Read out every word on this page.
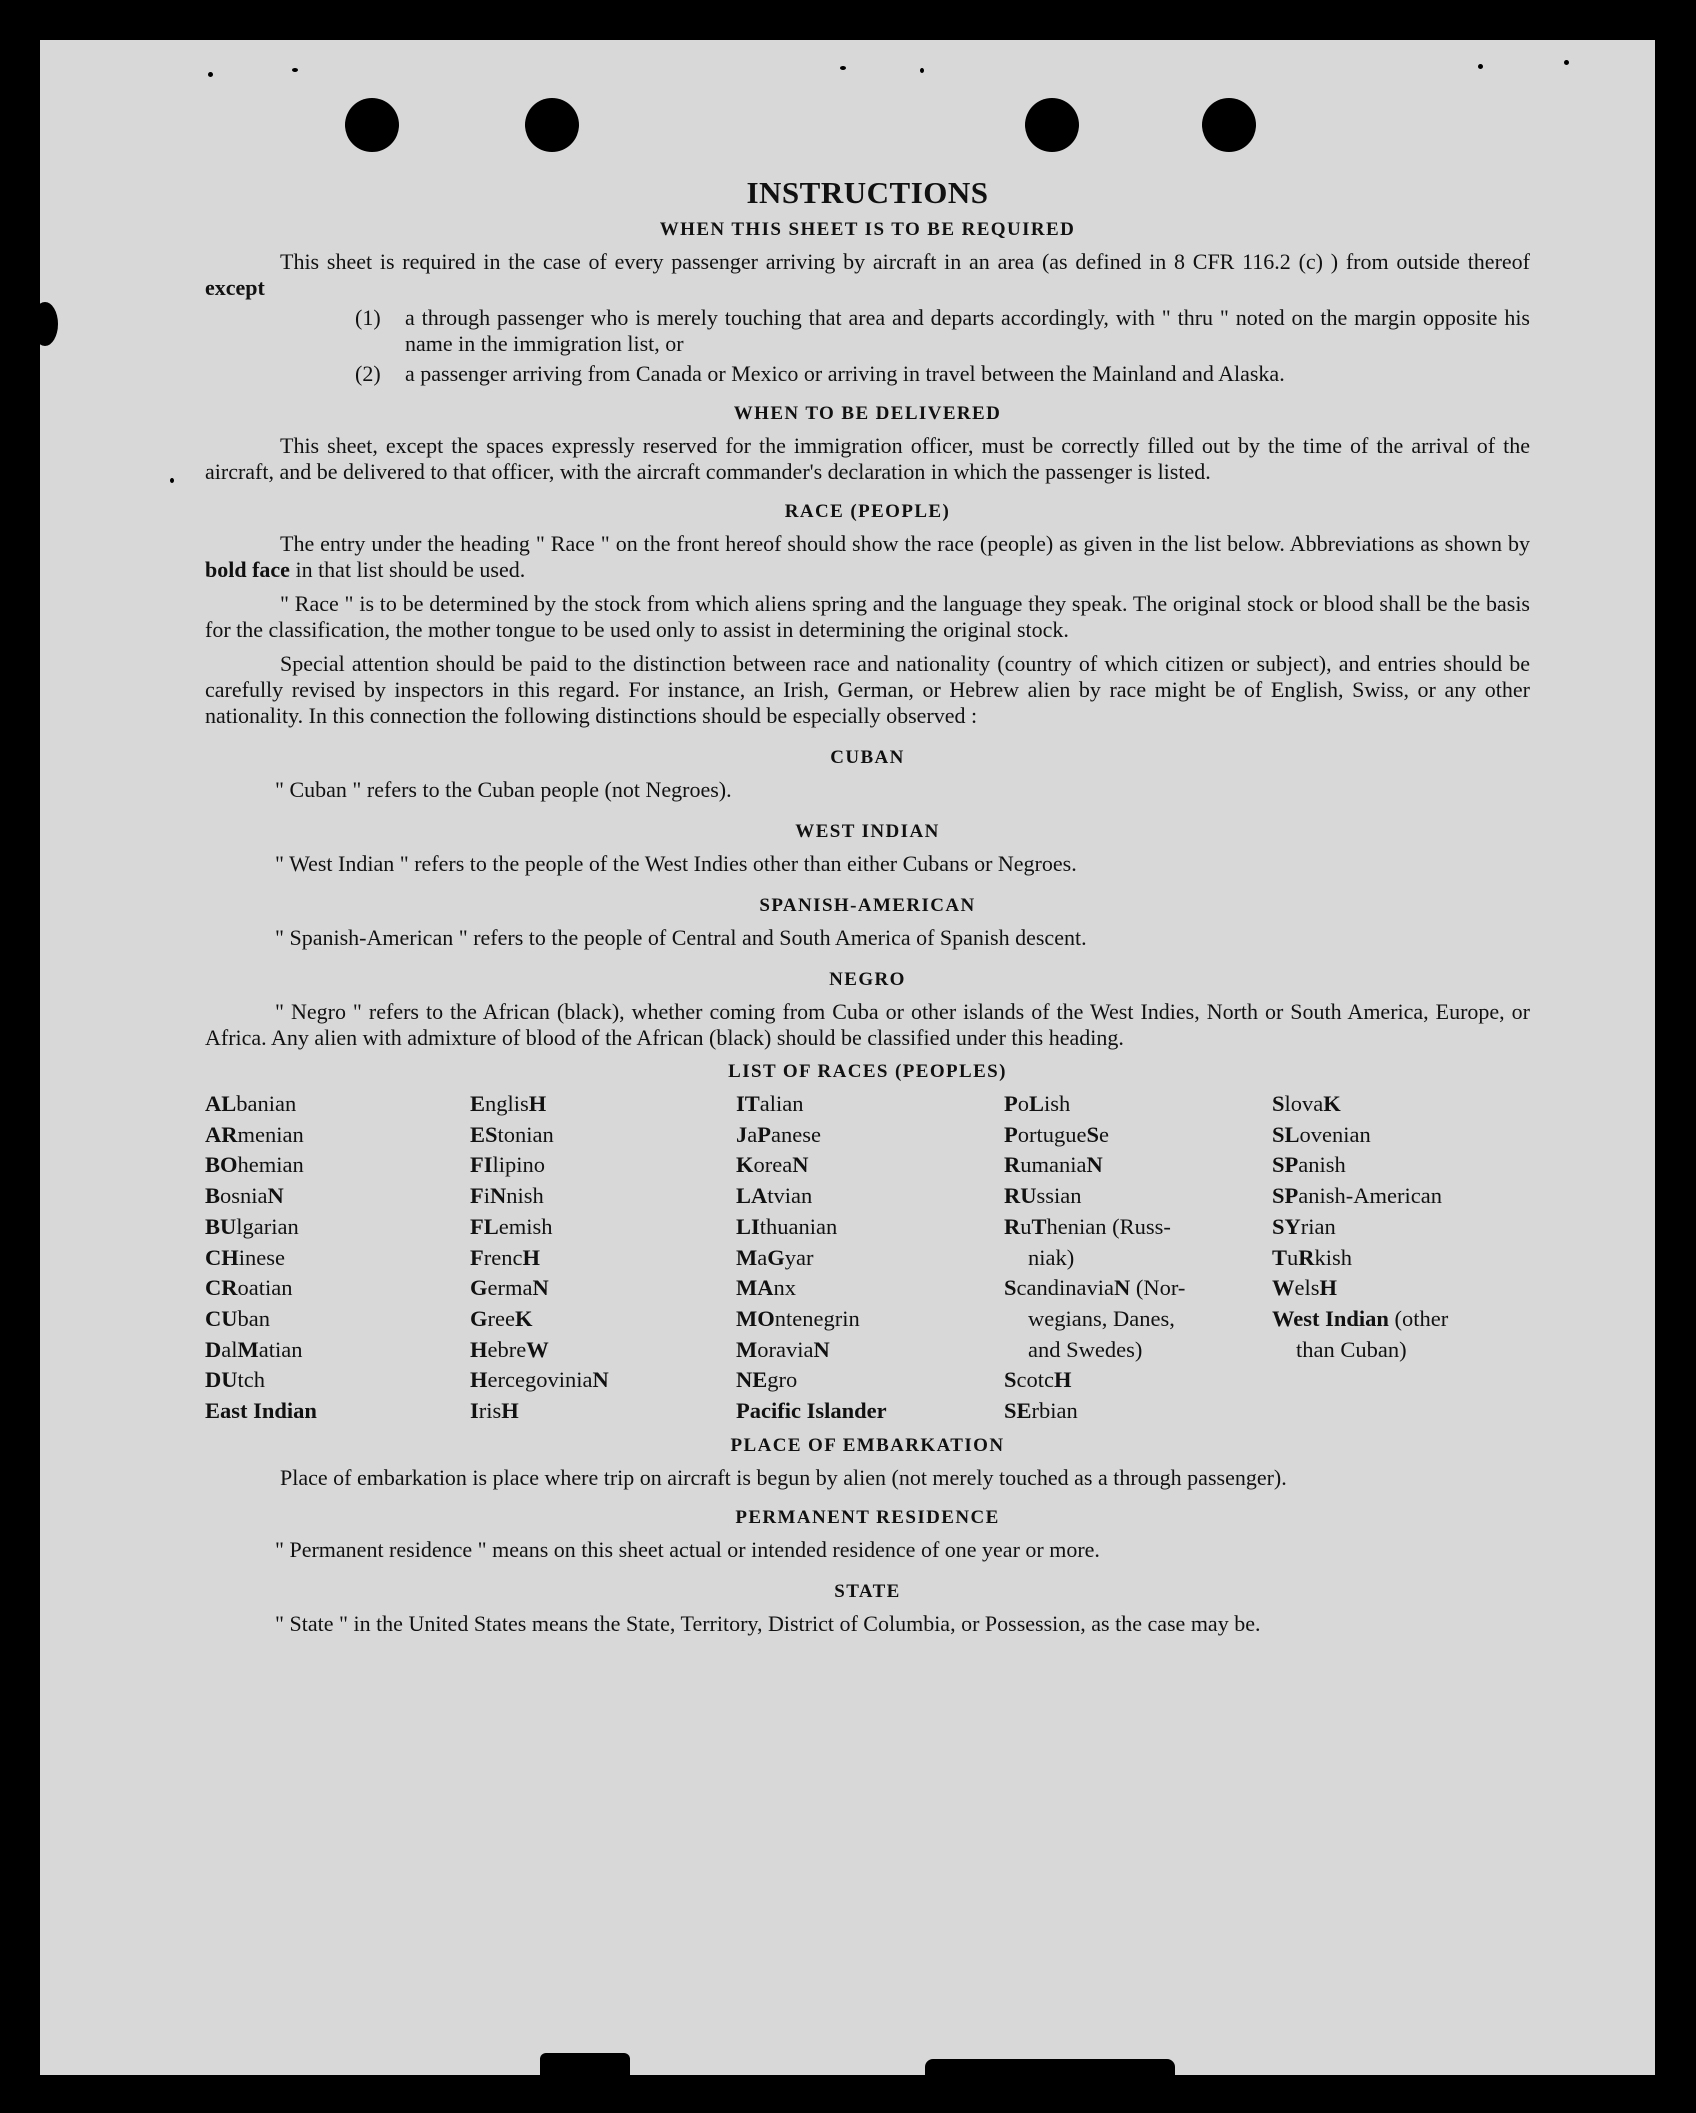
INSTRUCTIONS
WHEN THIS SHEET IS TO BE REQUIRED
This sheet is required in the case of every passenger arriving by aircraft in an area (as defined in 8 CFR 116.2 (c) ) from outside thereof except
(1)	a through passenger who is merely touching that area and departs accordingly, with " thru " noted on the margin opposite his name in the immigration list, or
(2)	a passenger arriving from Canada or Mexico or arriving in travel between the Mainland and Alaska.
WHEN TO BE DELIVERED
This sheet, except the spaces expressly reserved for the immigration officer, must be correctly filled out by the time of the arrival of the aircraft, and be delivered to that officer, with the aircraft commander's declaration in which the passenger is listed.
RACE (PEOPLE)
The entry under the heading " Race " on the front hereof should show the race (people) as given in the list below. Abbreviations as shown by bold face in that list should be used.
" Race " is to be determined by the stock from which aliens spring and the language they speak. The original stock or blood shall be the basis for the classification, the mother tongue to be used only to assist in determining the original stock.
Special attention should be paid to the distinction between race and nationality (country of which citizen or subject), and entries should be carefully revised by inspectors in this regard. For instance, an Irish, German, or Hebrew alien by race might be of English, Swiss, or any other nationality. In this connection the following distinctions should be especially observed :
CUBAN
" Cuban " refers to the Cuban people (not Negroes).
WEST INDIAN
" West Indian " refers to the people of the West Indies other than either Cubans or Negroes.
SPANISH-AMERICAN
" Spanish-American " refers to the people of Central and South America of Spanish descent.
NEGRO
" Negro " refers to the African (black), whether coming from Cuba or other islands of the West Indies, North or South America, Europe, or Africa. Any alien with admixture of blood of the African (black) should be classified under this heading.
LIST OF RACES (PEOPLES)
ALbanian
ARmenian
BOhemian
BosniaN
BUlgarian
CHinese
CRoatian
CUban
DalMatian
DUtch
East Indian
EnglisH
EStonian
FIlipino
FiNnish
FLemish
FrencH
GermaN
GreeK
HebreW
HercegoviniaN
IrisH
ITalian
JaPanese
KoreaN
LAtvian
LIthuanian
MaGyar
MAnx
MOntenegrin
MoraviaN
NEgro
Pacific Islander
PoLish
PortugueSe
RumaniaN
RUssian
RuThenian (Russ-
niak)
ScandinaviaN (Nor-
wegians, Danes,
and Swedes)
ScotcH
SErbian
SlovaK
SLovenian
SPanish
SPanish-American
SYrian
TuRkish
WelsH
West Indian (other
than Cuban)
PLACE OF EMBARKATION
Place of embarkation is place where trip on aircraft is begun by alien (not merely touched as a through passenger).
PERMANENT RESIDENCE
" Permanent residence " means on this sheet actual or intended residence of one year or more.
STATE
" State " in the United States means the State, Territory, District of Columbia, or Possession, as the case may be.
